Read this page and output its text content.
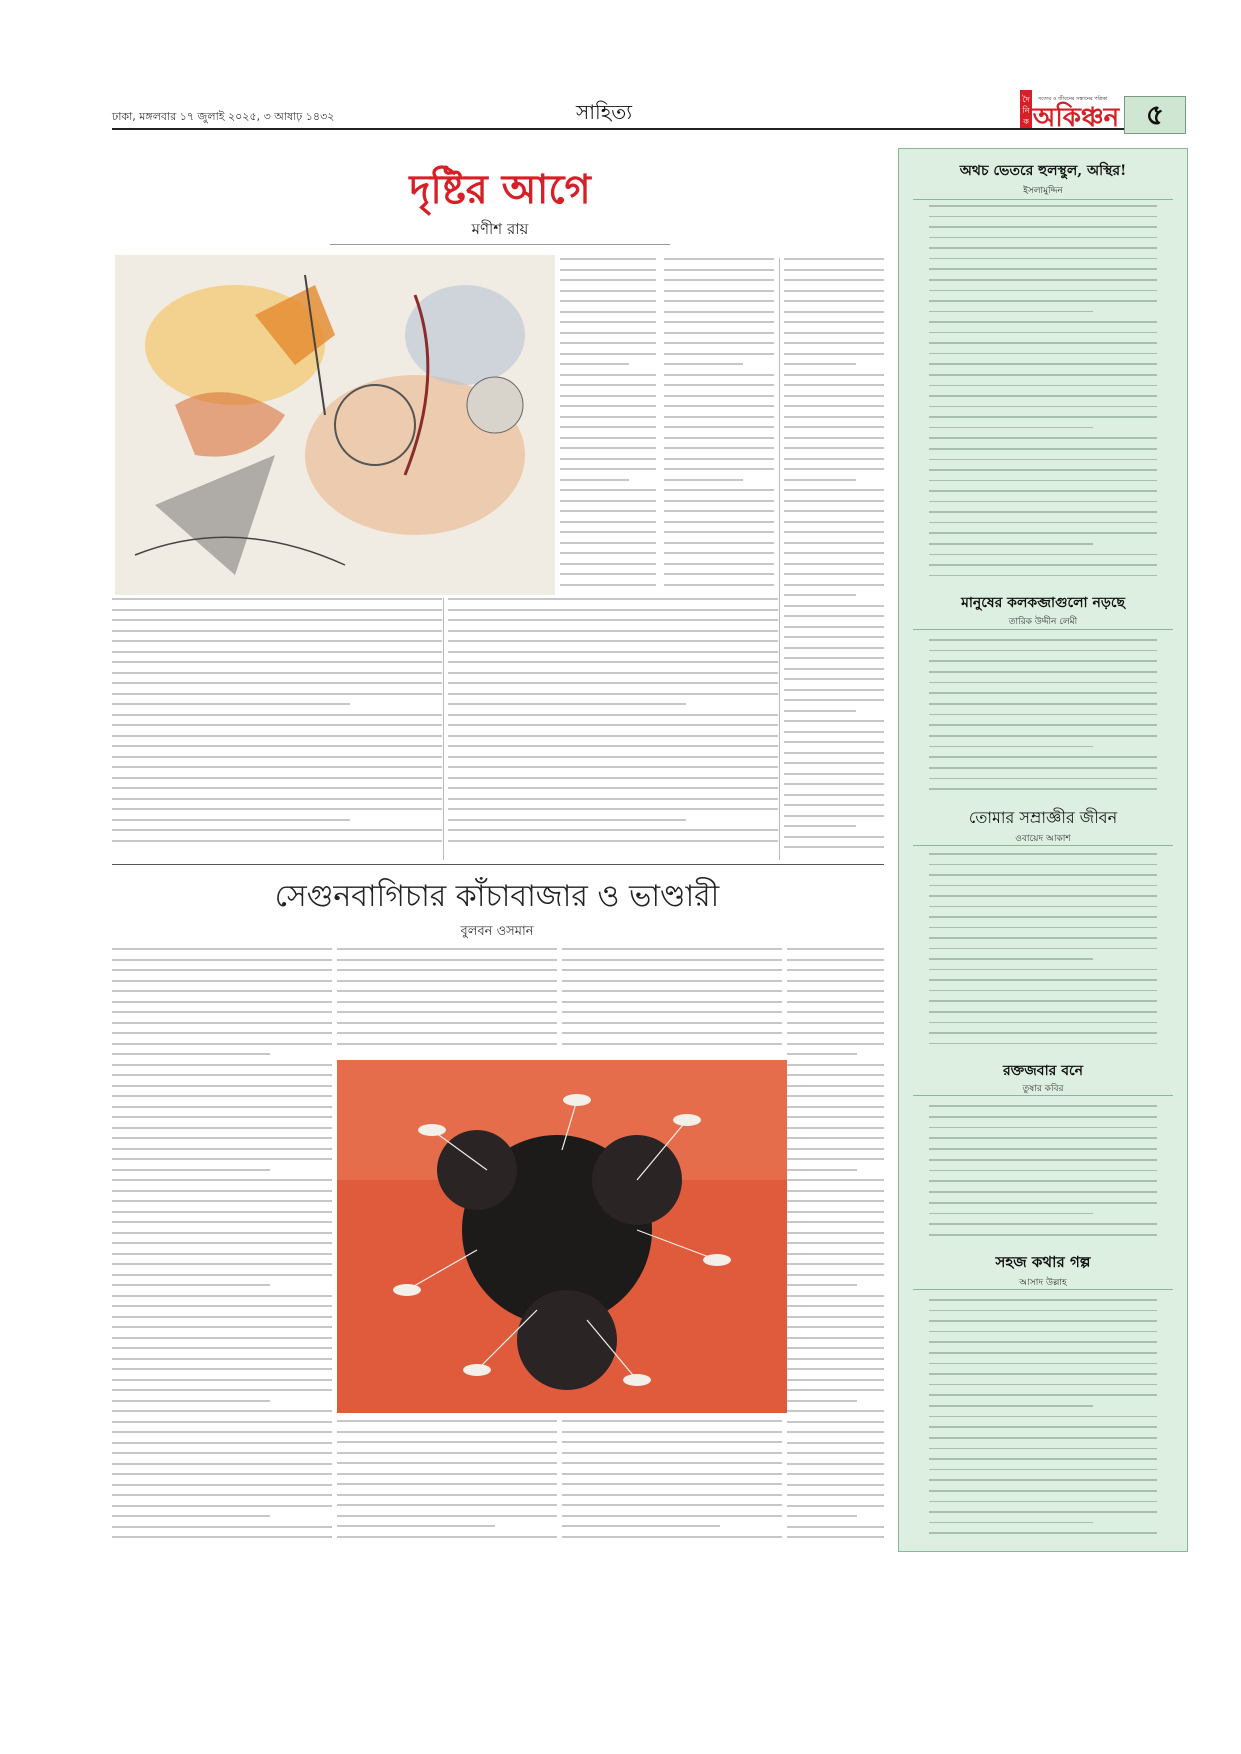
ঢাকা, মঙ্গলবার ১৭ জুলাই ২০২৫, ৩ আষাঢ় ১৪৩২	সাহিত্য
দৈ
নি
ক
সত্যের ও জীবনের সন্ধানের পত্রিকা
অকিঞ্চন ৫
দৃষ্টির আগে
মণীশ রায়
সেগুনবাগিচার কাঁচাবাজার ও ভাণ্ডারী
বুলবন ওসমান
অথচ ভেতরে হুলস্থুল, অস্থির!
ইসলামুদ্দিন
মানুষের কলকব্জাগুলো নড়ছে
তারিক উদ্দীন লেমী
তোমার সম্রাজ্ঞীর জীবন
ওবায়েদ আকাশ
রক্তজবার বনে
তুষার কবির
সহজ কথার গল্প
আসাদ উল্লাহ
